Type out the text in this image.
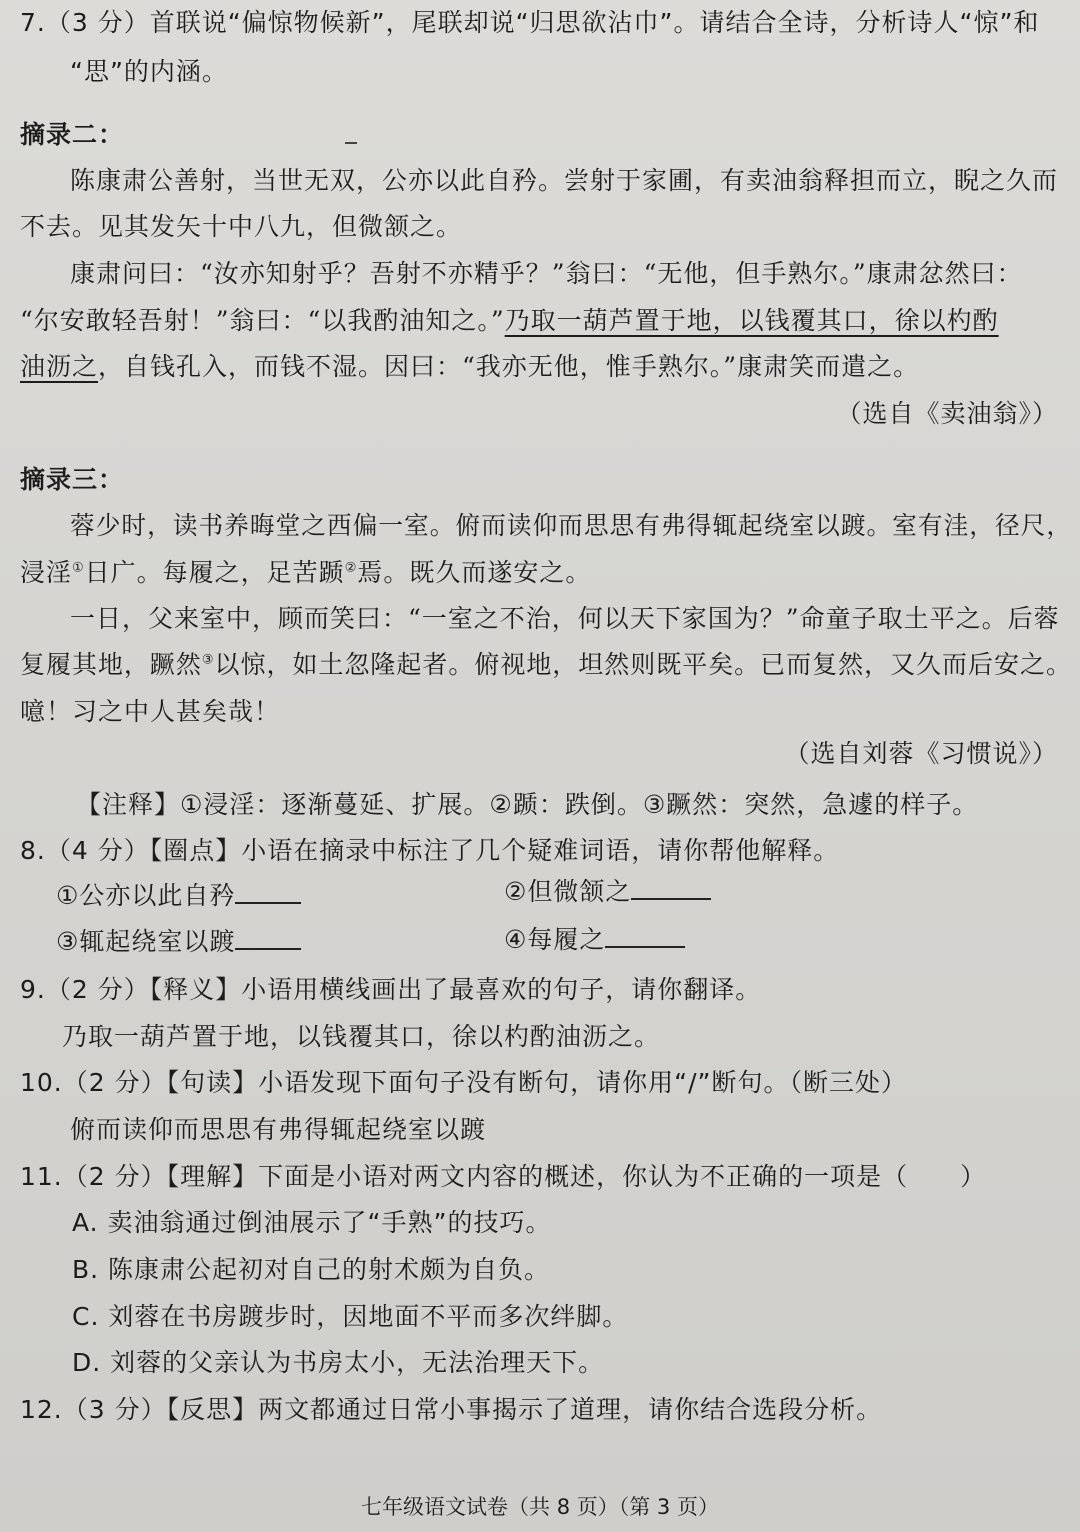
7.（3 分）首联说“偏惊物候新”，尾联却说“归思欲沾巾”。请结合全诗，分析诗人“惊”和
“思”的内涵。
摘录二：
陈康肃公善射，当世无双，公亦以此自矜。尝射于家圃，有卖油翁释担而立，睨之久而
不去。见其发矢十中八九，但微颔之。
康肃问曰：“汝亦知射乎？吾射不亦精乎？”翁曰：“无他，但手熟尔。”康肃忿然曰：
“尔安敢轻吾射！”翁曰：“以我酌油知之。”乃取一葫芦置于地，以钱覆其口，徐以杓酌
油沥之，自钱孔入，而钱不湿。因曰：“我亦无他，惟手熟尔。”康肃笑而遣之。
（选自《卖油翁》）
摘录三：
蓉少时，读书养晦堂之西偏一室。俯而读仰而思思有弗得辄起绕室以踱。室有洼，径尺，
浸淫①日广。每履之，足苦踬②焉。既久而遂安之。
一日，父来室中，顾而笑曰：“一室之不治，何以天下家国为？”命童子取土平之。后蓉
复履其地，蹶然③以惊，如土忽隆起者。俯视地，坦然则既平矣。已而复然，又久而后安之。
噫！习之中人甚矣哉！
（选自刘蓉《习惯说》）
【注释】①浸淫：逐渐蔓延、扩展。②踬：跌倒。③蹶然：突然，急遽的样子。
8.（4 分）【圈点】小语在摘录中标注了几个疑难词语，请你帮他解释。
①公亦以此自矜	②但微颔之
③辄起绕室以踱	④每履之
9.（2 分）【释义】小语用横线画出了最喜欢的句子，请你翻译。
乃取一葫芦置于地，以钱覆其口，徐以杓酌油沥之。
10.（2 分）【句读】小语发现下面句子没有断句，请你用“/”断句。（断三处）
俯而读仰而思思有弗得辄起绕室以踱
11.（2 分）【理解】下面是小语对两文内容的概述，你认为不正确的一项是（　　）
A. 卖油翁通过倒油展示了“手熟”的技巧。
B. 陈康肃公起初对自己的射术颇为自负。
C. 刘蓉在书房踱步时，因地面不平而多次绊脚。
D. 刘蓉的父亲认为书房太小，无法治理天下。
12.（3 分）【反思】两文都通过日常小事揭示了道理，请你结合选段分析。
七年级语文试卷（共 8 页）（第 3 页）
